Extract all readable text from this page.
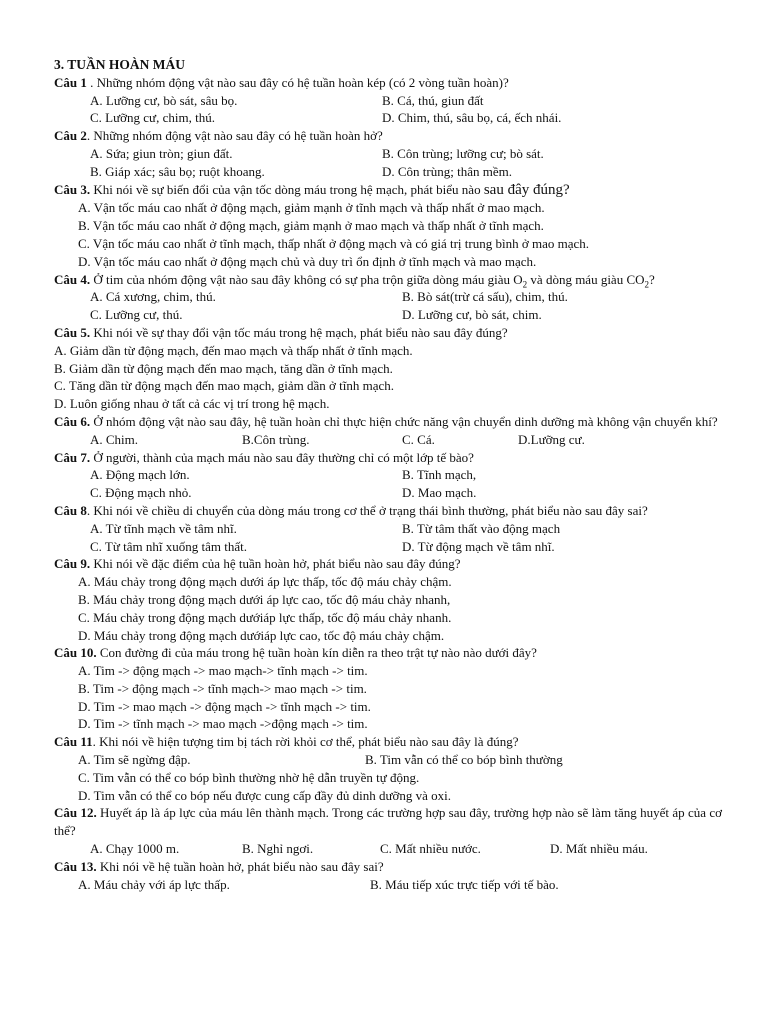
3. TUẦN HOÀN MÁU
Câu 1 . Những nhóm động vật nào sau đây có hệ tuần hoàn kép (có 2 vòng tuần hoàn)?
A. Lưỡng cư, bò sát, sâu bọ.	B. Cá, thú, giun đất
C. Lưỡng cư, chim, thú.	D. Chim, thú, sâu bọ, cá, ếch nhái.
Câu 2. Những nhóm động vật nào sau đây có hệ tuần hoàn hở?
A. Sứa; giun tròn; giun đất.	B. Côn trùng; lưỡng cư; bò sát.
B. Giáp xác; sâu bọ; ruột khoang.	D. Côn trùng; thân mềm.
Câu 3. Khi nói về sự biến đổi của vận tốc dòng máu trong hệ mạch, phát biểu nào sau đây đúng?
A. Vận tốc máu cao nhất ở động mạch, giảm mạnh ở tĩnh mạch và thấp nhất ở mao mạch.
B. Vận tốc máu cao nhất ở động mạch, giảm mạnh ở mao mạch và thấp nhất ở tĩnh mạch.
C. Vận tốc máu cao nhất ở tĩnh mạch, thấp nhất ở động mạch và có giá trị trung bình ở mao mạch.
D. Vận tốc máu cao nhất ở động mạch chủ và duy trì ổn định ở tĩnh mạch và mao mạch.
Câu 4. Ở tim của nhóm động vật nào sau đây không có sự pha trộn giữa dòng máu giàu $O_2$ và dòng máu giàu $CO_2$?
A. Cá xương, chim, thú.	B. Bò sát(trừ cá sấu), chim, thú.
C. Lưỡng cư, thú.	D. Lưỡng cư, bò sát, chim.
Câu 5. Khi nói về sự thay đổi vận tốc máu trong hệ mạch, phát biểu nào sau đây đúng?
A. Giảm dần từ động mạch, đến mao mạch và thấp nhất ở tĩnh mạch.
B. Giảm dần từ động mạch đến mao mạch, tăng dần ở tĩnh mạch.
C. Tăng dần từ động mạch đến mao mạch, giảm dần ở tĩnh mạch.
D. Luôn giống nhau ở tất cả các vị trí trong hệ mạch.
Câu 6. Ở nhóm động vật nào sau đây, hệ tuần hoàn chỉ thực hiện chức năng vận chuyển dinh dưỡng mà không vận chuyển khí?
A. Chim.	B.Côn trùng.	C. Cá.	D.Lưỡng cư.
Câu 7. Ở người, thành của mạch máu nào sau đây thường chỉ có một lớp tế bào?
A. Động mạch lớn.	B. Tĩnh mạch,
C. Động mạch nhỏ.	D. Mao mạch.
Câu 8. Khi nói về chiều di chuyển của dòng máu trong cơ thể ở trạng thái bình thường, phát biểu nào sau đây sai?
A. Từ tĩnh mạch về tâm nhĩ.	B. Từ tâm thất vào động mạch
C. Từ tâm nhĩ xuống tâm thất.	D. Từ động mạch về tâm nhĩ.
Câu 9. Khi nói về đặc điểm của hệ tuần hoàn hở, phát biểu nào sau đây đúng?
A. Máu chảy trong động mạch dưới áp lực thấp, tốc độ máu chảy chậm.
B. Máu chảy trong động mạch dưới áp lực cao, tốc độ máu chảy nhanh,
C. Máu chảy trong động mạch dướiáp lực thấp, tốc độ máu chảy nhanh.
D. Máu chảy trong động mạch dướiáp lực cao, tốc độ máu chảy chậm.
Câu 10. Con đường đi của máu trong hệ tuần hoàn kín diễn ra theo trật tự nào nào dưới đây?
A. Tim -> động mạch -> mao mạch-> tĩnh mạch -> tim.
B. Tim -> động mạch -> tĩnh mạch-> mao mạch -> tim.
D. Tim -> mao mạch -> động mạch -> tĩnh mạch -> tim.
D. Tim -> tĩnh mạch -> mao mạch ->động mạch -> tim.
Câu 11. Khi nói về hiện tượng tim bị tách rời khỏi cơ thể, phát biểu nào sau đây là đúng?
A. Tim sẽ ngừng đập.	B. Tim vẫn có thể co bóp bình thường
C. Tim vẫn có thể co bóp bình thường nhờ hệ dẫn truyền tự động.
D. Tim vẫn có thể co bóp nếu được cung cấp đầy đủ dinh dưỡng và oxi.
Câu 12. Huyết áp là áp lực của máu lên thành mạch. Trong các trường hợp sau đây, trường hợp nào sẽ làm tăng huyết áp của cơ thể?
A. Chạy 1000 m.	B. Nghỉ ngơi.	C. Mất nhiều nước.	D. Mất nhiều máu.
Câu 13. Khi nói về hệ tuần hoàn hở, phát biểu nào sau đây sai?
A. Máu chảy với áp lực thấp.	B. Máu tiếp xúc trực tiếp với tế bào.
